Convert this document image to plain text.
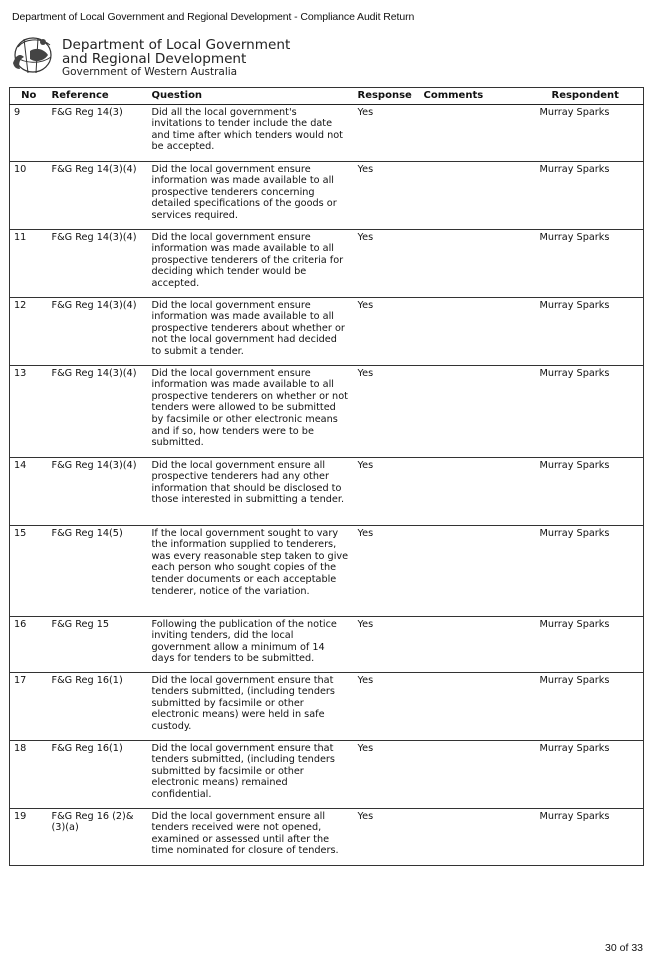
Department of Local Government and Regional Development - Compliance Audit Return
Department of Local Government
and Regional Development
Government of Western Australia
No	Reference	Question	Response	Comments	Respondent
9	F&G Reg 14(3)	Did all the local government's invitations to tender include the date and time after which tenders would not be accepted.	Yes		Murray Sparks
10	F&G Reg 14(3)(4)	Did the local government ensure information was made available to all prospective tenderers concerning detailed specifications of the goods or services required.	Yes		Murray Sparks
11	F&G Reg 14(3)(4)	Did the local government ensure information was made available to all prospective tenderers of the criteria for deciding which tender would be accepted.	Yes		Murray Sparks
12	F&G Reg 14(3)(4)	Did the local government ensure information was made available to all prospective tenderers about whether or not the local government had decided to submit a tender.	Yes		Murray Sparks
13	F&G Reg 14(3)(4)	Did the local government ensure information was made available to all prospective tenderers on whether or not tenders were allowed to be submitted by facsimile or other electronic means and if so, how tenders were to be submitted.	Yes		Murray Sparks
14	F&G Reg 14(3)(4)	Did the local government ensure all prospective tenderers had any other information that should be disclosed to those interested in submitting a tender.	Yes		Murray Sparks
15	F&G Reg 14(5)	If the local government sought to vary the information supplied to tenderers, was every reasonable step taken to give each person who sought copies of the tender documents or each acceptable tenderer, notice of the variation.	Yes		Murray Sparks
16	F&G Reg 15	Following the publication of the notice inviting tenders, did the local government allow a minimum of 14 days for tenders to be submitted.	Yes		Murray Sparks
17	F&G Reg 16(1)	Did the local government ensure that tenders submitted, (including tenders submitted by facsimile or other electronic means) were held in safe custody.	Yes		Murray Sparks
18	F&G Reg 16(1)	Did the local government ensure that tenders submitted, (including tenders submitted by facsimile or other electronic means) remained confidential.	Yes		Murray Sparks
19	F&G Reg 16 (2)& (3)(a)	Did the local government ensure all tenders received were not opened, examined or assessed until after the time nominated for closure of tenders.	Yes		Murray Sparks
30 of 33
